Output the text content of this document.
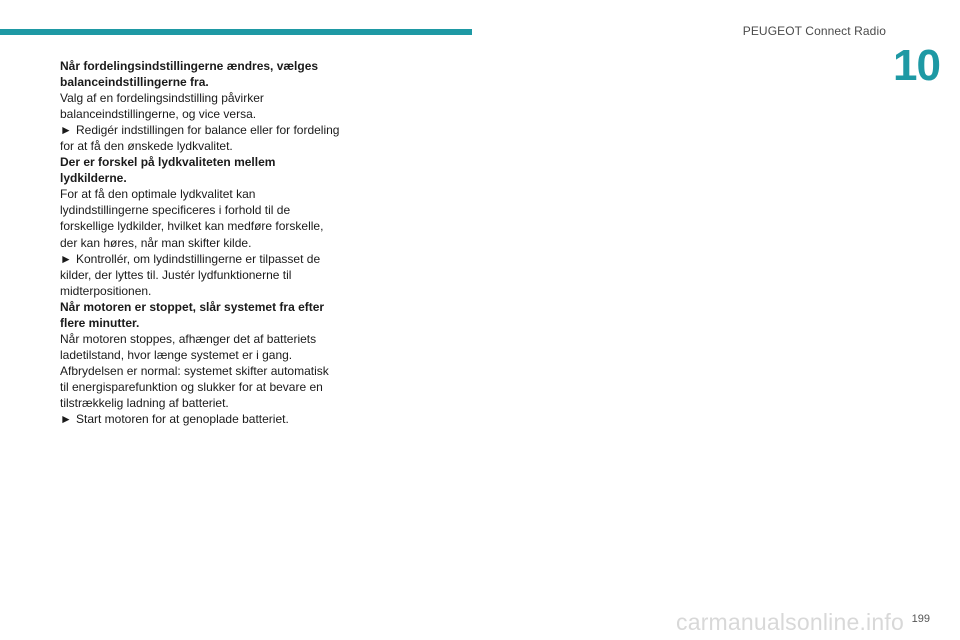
PEUGEOT Connect Radio
10

Når fordelingsindstillingerne ændres, vælges balanceindstillingerne fra.

Valg af en fordelingsindstilling påvirker balanceindstillingerne, og vice versa.

► Redigér indstillingen for balance eller for fordeling for at få den ønskede lydkvalitet.

Der er forskel på lydkvaliteten mellem lydkilderne.

For at få den optimale lydkvalitet kan lydindstillingerne specificeres i forhold til de forskellige lydkilder, hvilket kan medføre forskelle, der kan høres, når man skifter kilde.

► Kontrollér, om lydindstillingerne er tilpasset de kilder, der lyttes til. Justér lydfunktionerne til midterpositionen.

Når motoren er stoppet, slår systemet fra efter flere minutter.

Når motoren stoppes, afhænger det af batteriets ladetilstand, hvor længe systemet er i gang.

Afbrydelsen er normal: systemet skifter automatisk til energisparefunktion og slukker for at bevare en tilstrækkelig ladning af batteriet.

► Start motoren for at genoplade batteriet.

carmanualsonline.info 199
